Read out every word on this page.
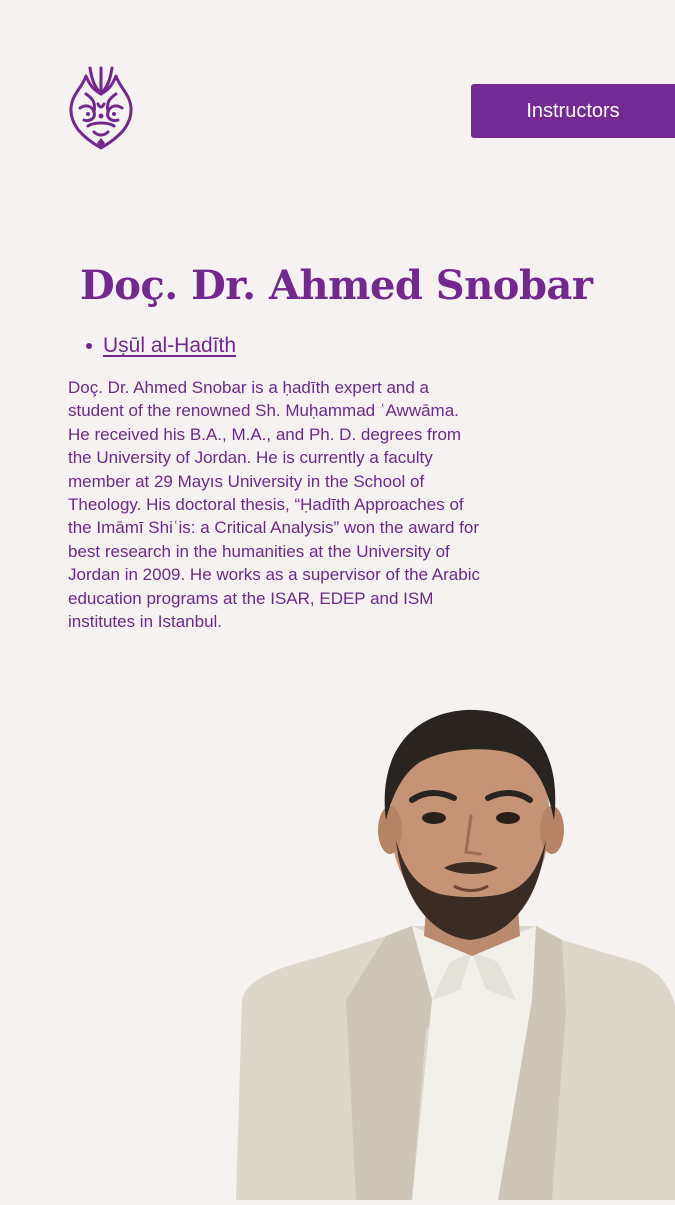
Instructors
Doç. Dr. Ahmed Snobar
Uṣūl al-Hadīth

Doç. Dr. Ahmed Snobar is a ḥadīth expert and a student of the renowned Sh. Muḥammad ʿAwwāma. He received his B.A., M.A., and Ph. D. degrees from the University of Jordan. He is currently a faculty member at 29 Mayıs University in the School of Theology. His doctoral thesis, “Ḥadīth Approaches of the Imāmī Shiʿis: a Critical Analysis” won the award for best research in the humanities at the University of Jordan in 2009. He works as a supervisor of the Arabic education programs at the ISAR, EDEP and ISM institutes in Istanbul.
